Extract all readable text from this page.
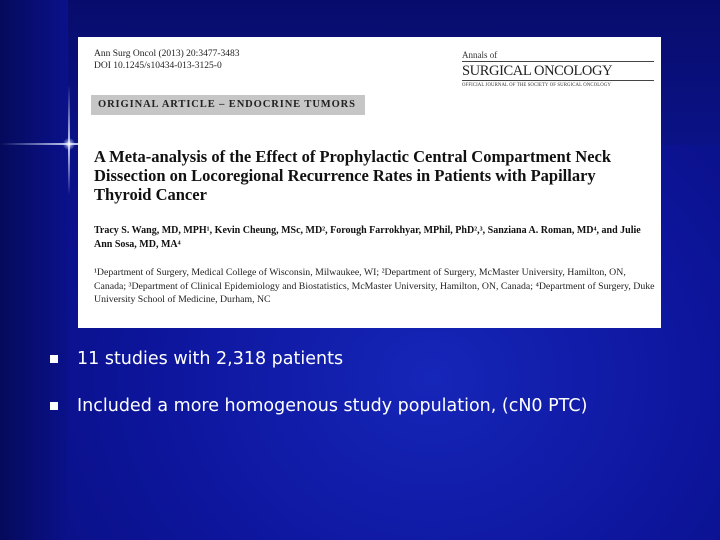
Ann Surg Oncol (2013) 20:3477-3483
DOI 10.1245/s10434-013-3125-0
Annals of
SURGICAL ONCOLOGY
OFFICIAL JOURNAL OF THE SOCIETY OF SURGICAL ONCOLOGY
ORIGINAL ARTICLE – ENDOCRINE TUMORS
A Meta-analysis of the Effect of Prophylactic Central Compartment Neck Dissection on Locoregional Recurrence Rates in Patients with Papillary Thyroid Cancer
Tracy S. Wang, MD, MPH¹, Kevin Cheung, MSc, MD², Forough Farrokhyar, MPhil, PhD²,³, Sanziana A. Roman, MD⁴, and Julie Ann Sosa, MD, MA⁴
¹Department of Surgery, Medical College of Wisconsin, Milwaukee, WI; ²Department of Surgery, McMaster University, Hamilton, ON, Canada; ³Department of Clinical Epidemiology and Biostatistics, McMaster University, Hamilton, ON, Canada; ⁴Department of Surgery, Duke University School of Medicine, Durham, NC
11 studies with 2,318 patients
Included a more homogenous study population, (cN0 PTC)
